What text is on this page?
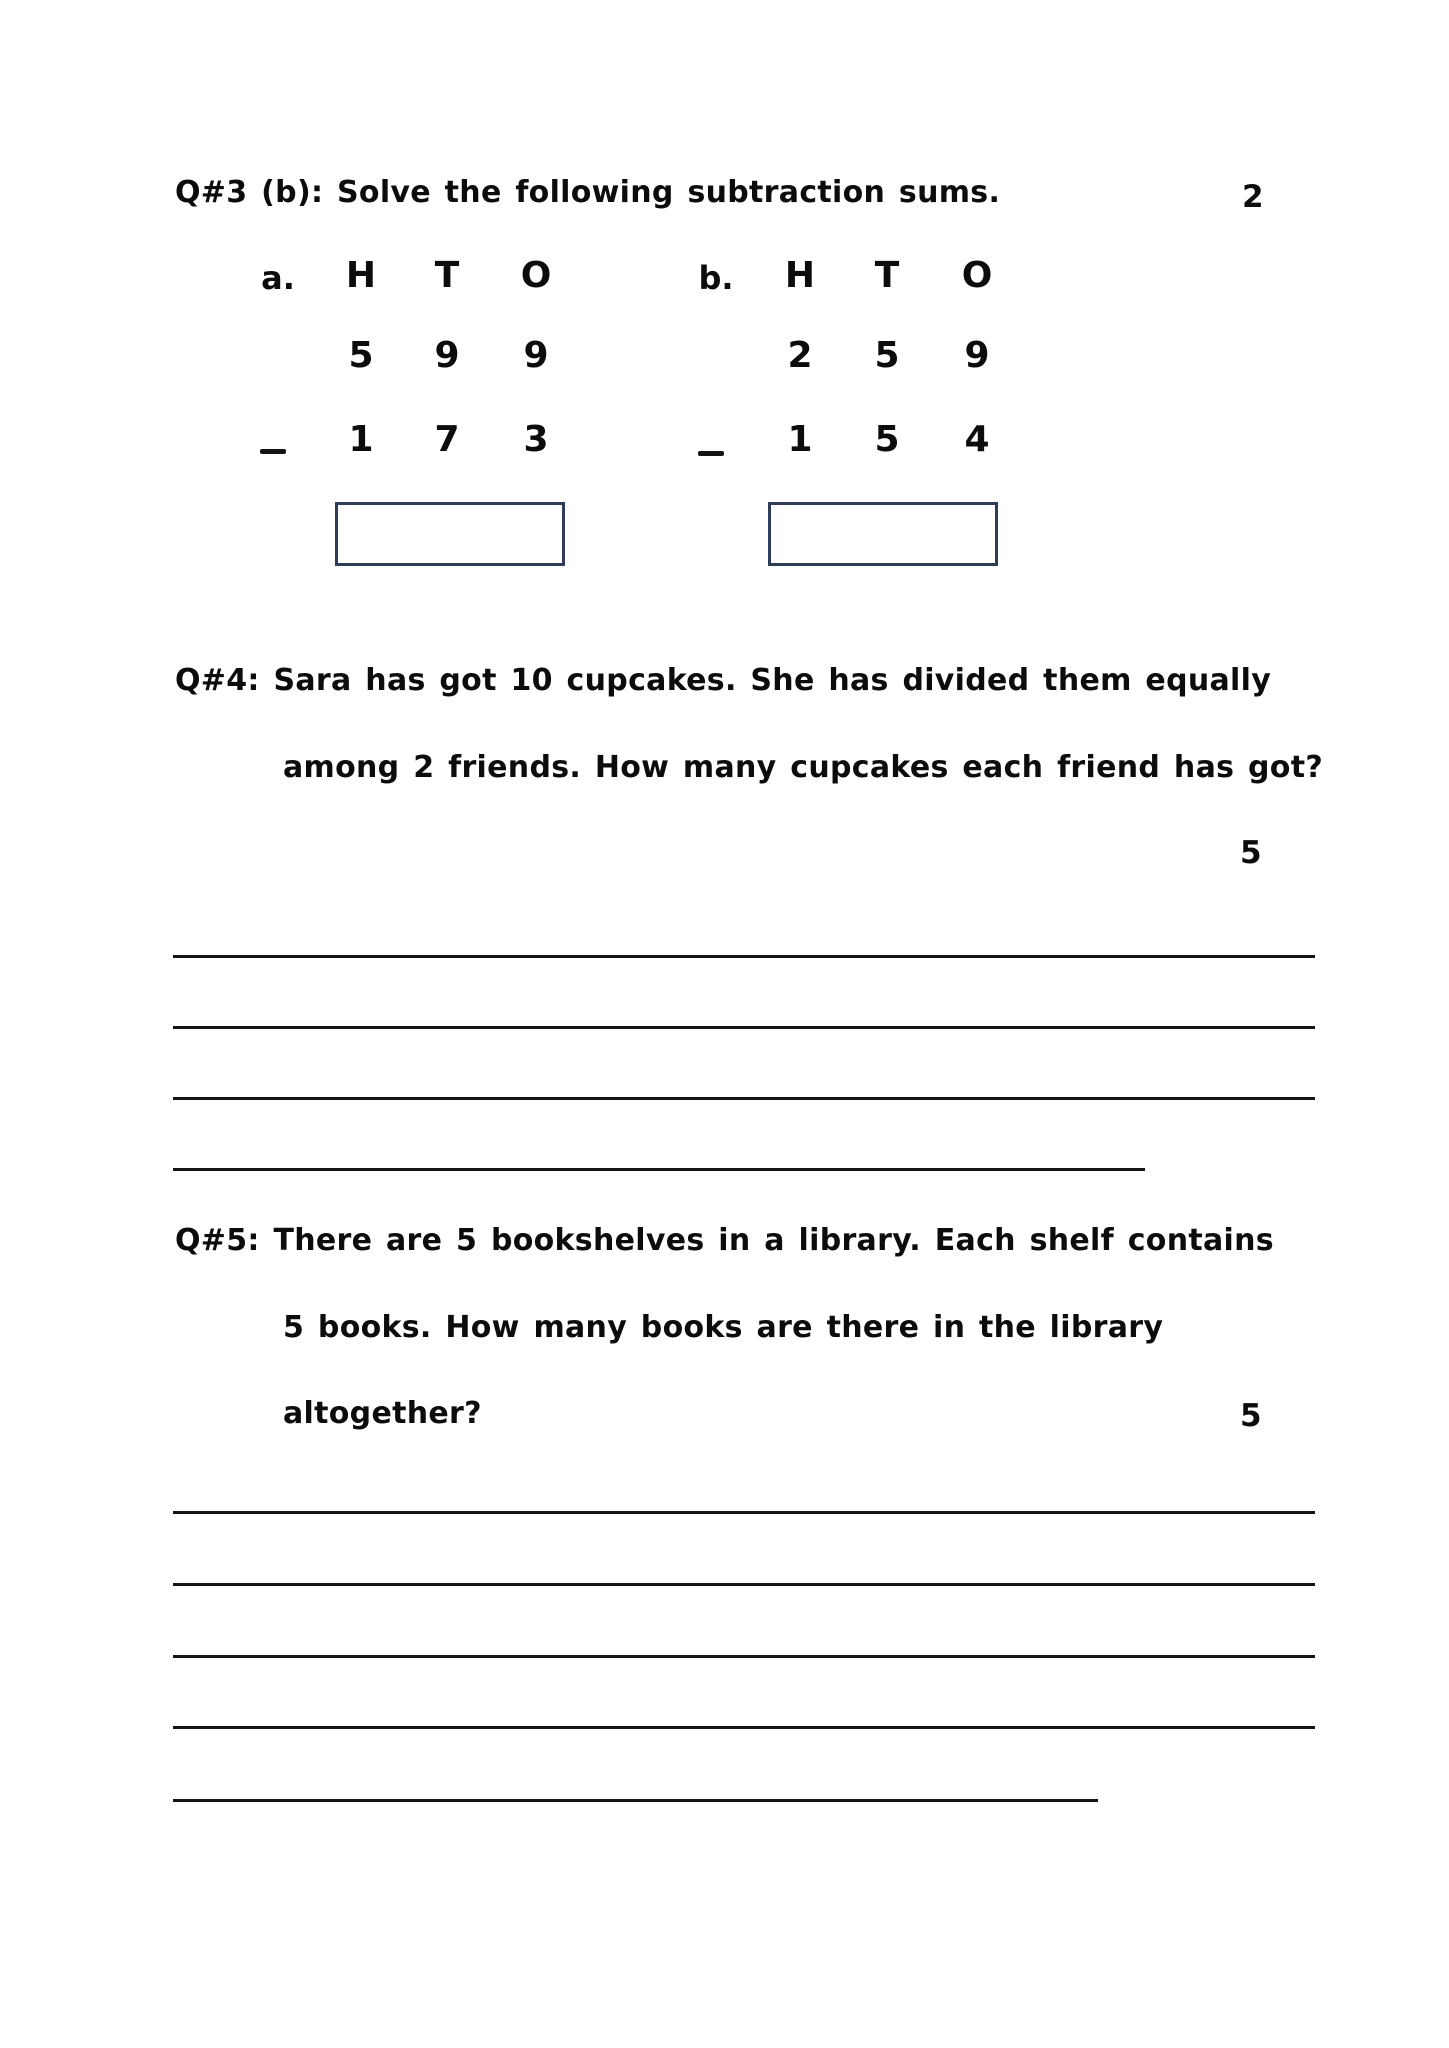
Q#3 (b): Solve the following subtraction sums.	2
a.	H	T	O
5	9	9
1	7	3
b.	H	T	O
2	5	9
1	5	4
Q#4: Sara has got 10 cupcakes. She has divided them equally
among 2 friends. How many cupcakes each friend has got?
5
Q#5: There are 5 bookshelves in a library. Each shelf contains
5 books. How many books are there in the library
altogether?	5
